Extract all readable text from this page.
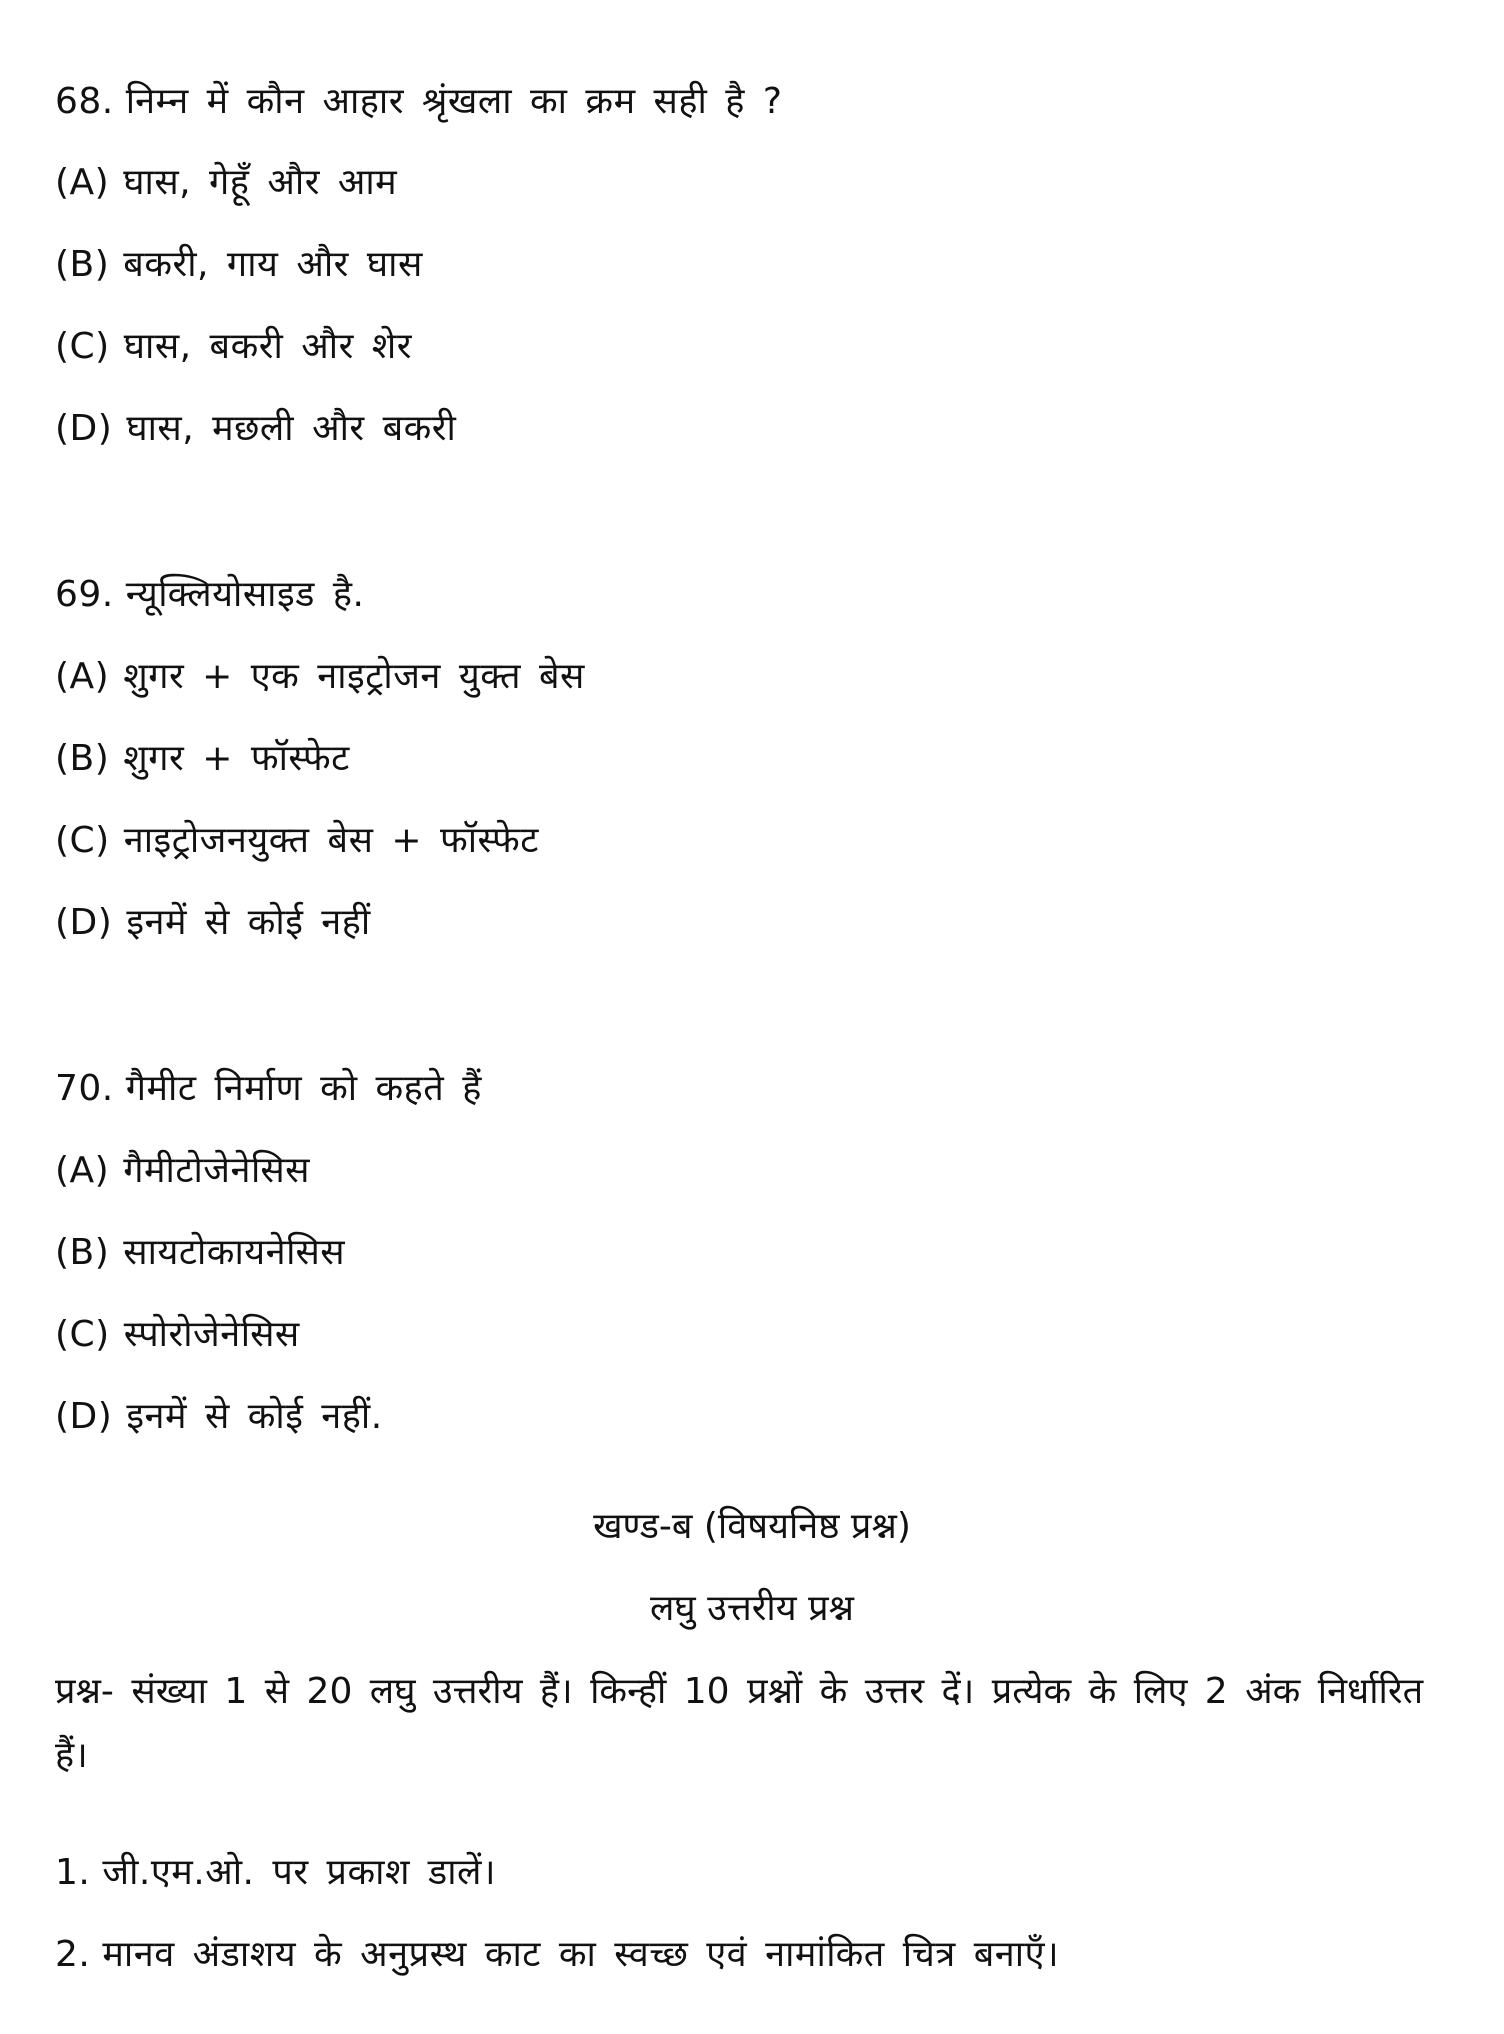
68. निम्न में कौन आहार श्रृंखला का क्रम सही है ?
(A) घास, गेहूँ और आम
(B) बकरी, गाय और घास
(C) घास, बकरी और शेर
(D) घास, मछली और बकरी
69. न्यूक्लियोसाइड है.
(A) शुगर + एक नाइट्रोजन युक्त बेस
(B) शुगर + फॉस्फेट
(C) नाइट्रोजनयुक्त बेस + फॉस्फेट
(D) इनमें से कोई नहीं
70. गैमीट निर्माण को कहते हैं
(A) गैमीटोजेनेसिस
(B) सायटोकायनेसिस
(C) स्पोरोजेनेसिस
(D) इनमें से कोई नहीं.
खण्ड-ब (विषयनिष्ठ प्रश्न)
लघु उत्तरीय प्रश्न
प्रश्न- संख्या 1 से 20 लघु उत्तरीय हैं। किन्हीं 10 प्रश्नों के उत्तर दें। प्रत्येक के लिए 2 अंक निर्धारित हैं।
1. जी.एम.ओ. पर प्रकाश डालें।
2. मानव अंडाशय के अनुप्रस्थ काट का स्वच्छ एवं नामांकित चित्र बनाएँ।
